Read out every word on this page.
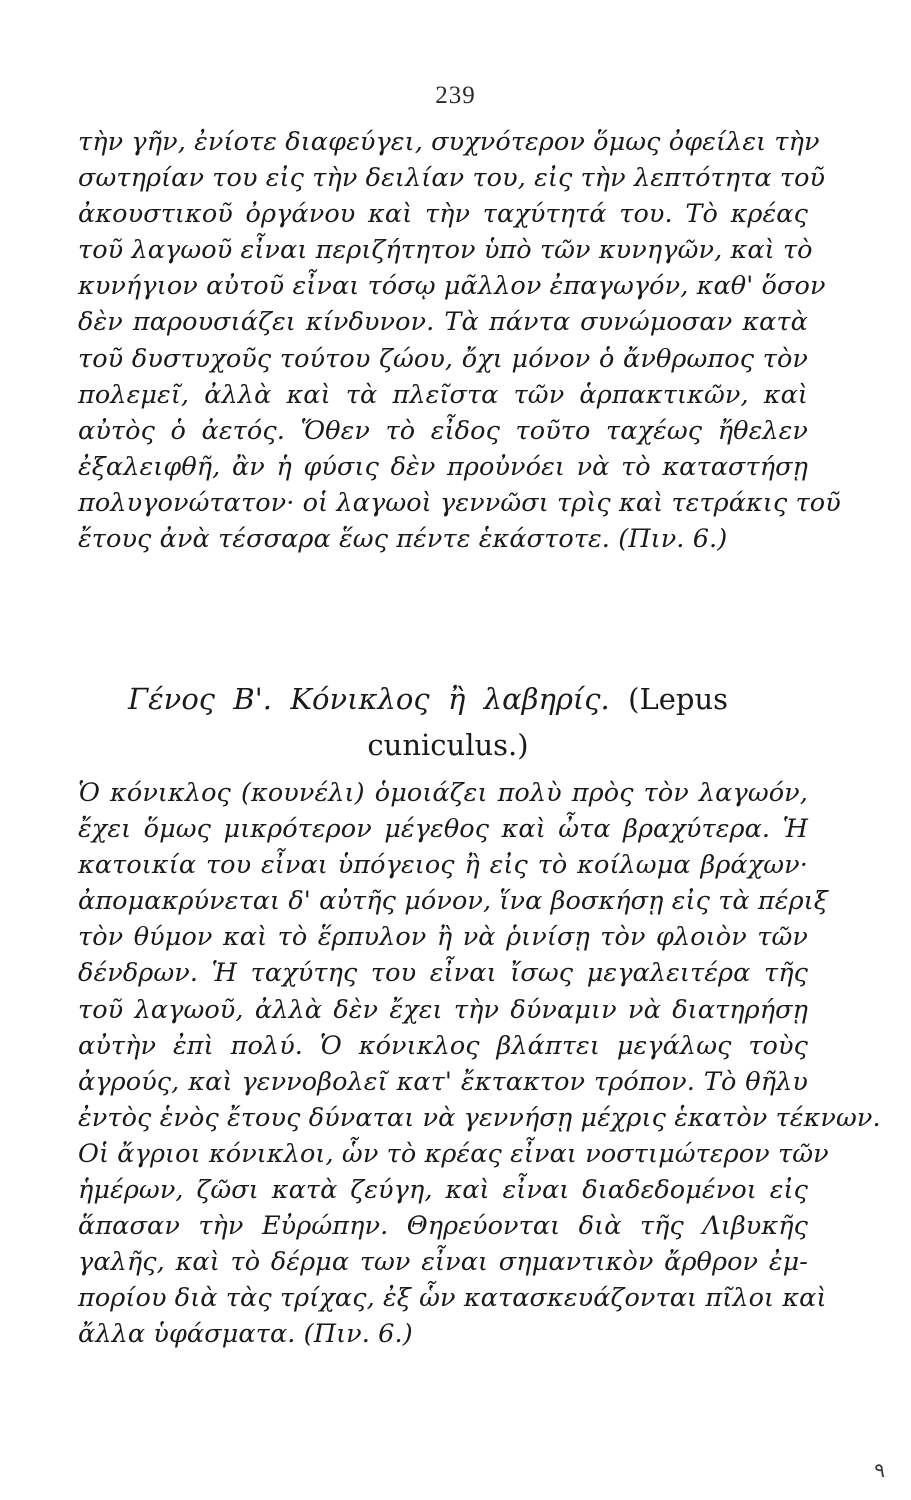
239
τὴν γῆν, ἐνίοτε διαφεύγει, συχνότερον ὅμως ὀφείλει τὴν
σωτηρίαν του εἰς τὴν δειλίαν του, εἰς τὴν λεπτότητα τοῦ
ἀκουστικοῦ ὀργάνου καὶ τὴν ταχύτητά του. Τὸ κρέας
τοῦ λαγωοῦ εἶναι περιζήτητον ὑπὸ τῶν κυνηγῶν, καὶ τὸ
κυνήγιον αὐτοῦ εἶναι τόσῳ μᾶλλον ἐπαγωγόν, καθ' ὅσον
δὲν παρουσιάζει κίνδυνον. Τὰ πάντα συνώμοσαν κατὰ
τοῦ δυστυχοῦς τούτου ζώου, ὄχι μόνον ὁ ἄνθρωπος τὸν
πολεμεῖ, ἀλλὰ καὶ τὰ πλεῖστα τῶν ἁρπακτικῶν, καὶ
αὐτὸς ὁ ἀετός. Ὅθεν τὸ εἶδος τοῦτο ταχέως ἤθελεν
ἐξαλειφθῆ, ἂν ἡ φύσις δὲν προὐνόει νὰ τὸ καταστήσῃ
πολυγονώτατον· οἱ λαγωοὶ γεννῶσι τρὶς καὶ τετράκις τοῦ
ἔτους ἀνὰ τέσσαρα ἕως πέντε ἑκάστοτε. (Πιν. 6.)
Γένος Β'. Κόνικλος ἢ λαβηρίς. (Lepus
cuniculus.)
Ὁ κόνικλος (κουνέλι) ὁμοιάζει πολὺ πρὸς τὸν λαγωόν,
ἔχει ὅμως μικρότερον μέγεθος καὶ ὦτα βραχύτερα. Ἡ
κατοικία του εἶναι ὑπόγειος ἢ εἰς τὸ κοίλωμα βράχων·
ἀπομακρύνεται δ' αὐτῆς μόνον, ἵνα βοσκήσῃ εἰς τὰ πέριξ
τὸν θύμον καὶ τὸ ἕρπυλον ἢ νὰ ῥινίσῃ τὸν φλοιὸν τῶν
δένδρων. Ἡ ταχύτης του εἶναι ἴσως μεγαλειτέρα τῆς
τοῦ λαγωοῦ, ἀλλὰ δὲν ἔχει τὴν δύναμιν νὰ διατηρήσῃ
αὐτὴν ἐπὶ πολύ. Ὁ κόνικλος βλάπτει μεγάλως τοὺς
ἀγρούς, καὶ γεννοβολεῖ κατ' ἔκτακτον τρόπον. Τὸ θῆλυ
ἐντὸς ἑνὸς ἔτους δύναται νὰ γεννήσῃ μέχρις ἑκατὸν τέκνων.
Οἱ ἄγριοι κόνικλοι, ὧν τὸ κρέας εἶναι νοστιμώτερον τῶν
ἡμέρων, ζῶσι κατὰ ζεύγη, καὶ εἶναι διαδεδομένοι εἰς
ἅπασαν τὴν Εὐρώπην. Θηρεύονται διὰ τῆς Λιβυκῆς
γαλῆς, καὶ τὸ δέρμα των εἶναι σημαντικὸν ἄρθρον ἐμ-
πορίου διὰ τὰς τρίχας, ἐξ ὧν κατασκευάζονται πῖλοι καὶ
ἄλλα ὑφάσματα. (Πιν. 6.)
٩
